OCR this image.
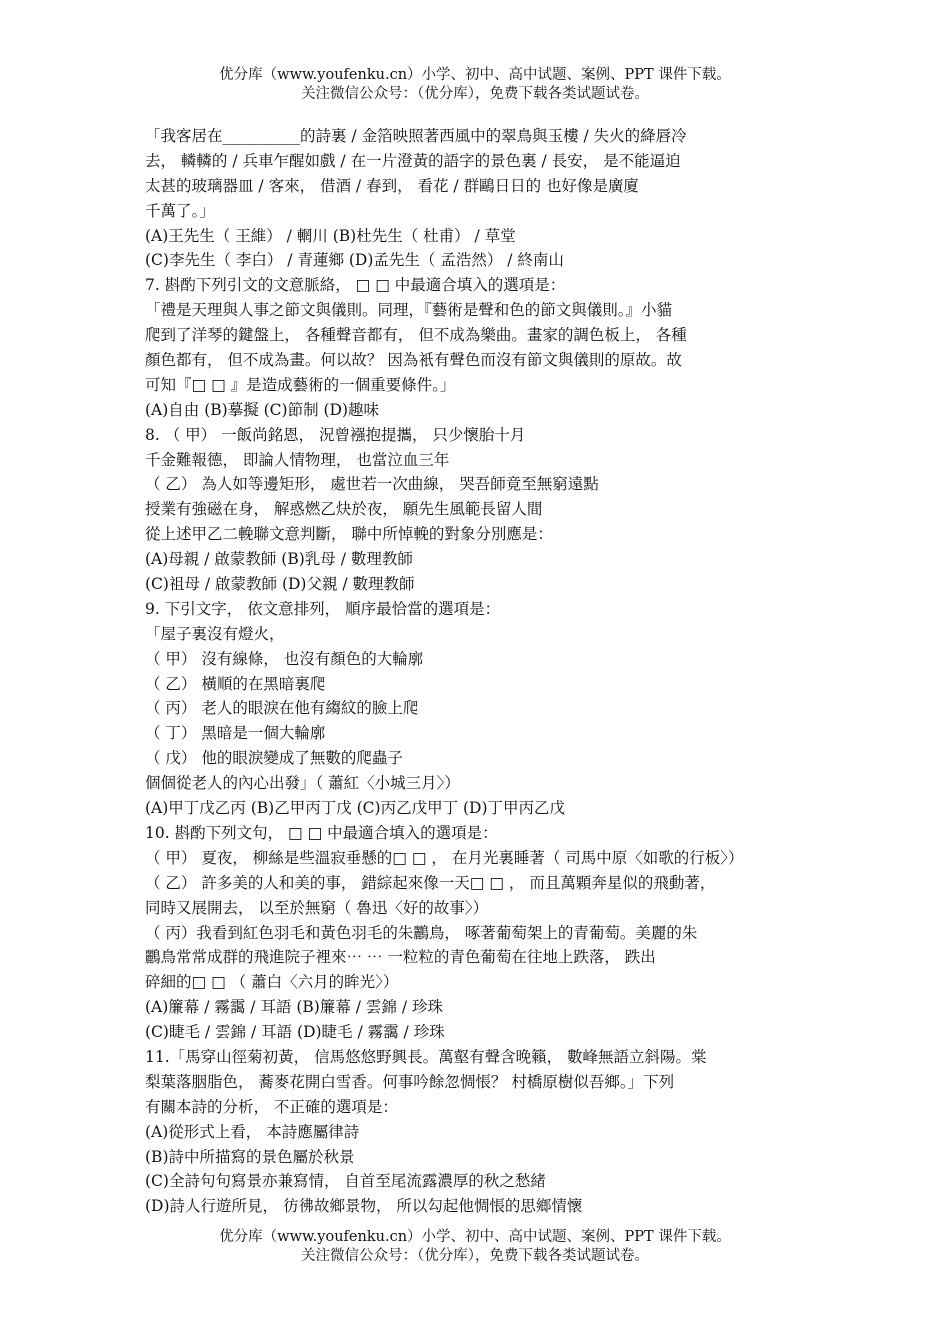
优分库（www.youfenku.cn）小学、初中、高中试题、案例、PPT 课件下载。
关注微信公众号：（优分库），免费下载各类试题试卷。
「我客居在__________的詩裏 / 金箔映照著西風中的翠鳥與玉樓 / 失火的絳唇冷
去， 轔轔的 / 兵車乍醒如戲 / 在一片澄黃的語字的景色裏 / 長安， 是不能逼迫
太甚的玻璃器皿 / 客來， 借酒 / 春到， 看花 / 群鷗日日的 也好像是廣廈
千萬了。」
(A)王先生（ 王維） / 輞川 (B)杜先生（ 杜甫） / 草堂
(C)李先生（ 李白） / 青蓮鄉 (D)孟先生（ 孟浩然） / 終南山
7. 斟酌下列引文的文意脈絡， □ □ 中最適合填入的選項是：
「禮是天理與人事之節文與儀則。同理，『藝術是聲和色的節文與儀則。』小貓
爬到了洋琴的鍵盤上， 各種聲音都有， 但不成為樂曲。畫家的調色板上， 各種
顏色都有， 但不成為畫。何以故？ 因為衹有聲色而沒有節文與儀則的原故。故
可知『□ □ 』是造成藝術的一個重要條件。」
(A)自由 (B)摹擬 (C)節制 (D)趣味
8. （ 甲） 一飯尚銘恩， 況曾襁抱提攜， 只少懷胎十月
千金難報德， 即論人情物理， 也當泣血三年
（ 乙） 為人如等邊矩形， 處世若一次曲線， 哭吾師竟至無窮遠點
授業有強磁在身， 解惑燃乙炔於夜， 願先生風範長留人間
從上述甲乙二輓聯文意判斷， 聯中所悼輓的對象分別應是：
(A)母親 / 啟蒙教師 (B)乳母 / 數理教師
(C)祖母 / 啟蒙教師 (D)父親 / 數理教師
9. 下引文字， 依文意排列， 順序最恰當的選項是：
「屋子裏沒有燈火，
（ 甲） 沒有線條， 也沒有顏色的大輪廓
（ 乙） 橫順的在黑暗裏爬
（ 丙） 老人的眼淚在他有縐紋的臉上爬
（ 丁） 黑暗是一個大輪廓
（ 戊） 他的眼淚變成了無數的爬蟲子
個個從老人的內心出發」（ 蕭紅〈小城三月〉）
(A)甲丁戊乙丙 (B)乙甲丙丁戊 (C)丙乙戊甲丁 (D)丁甲丙乙戊
10. 斟酌下列文句， □ □ 中最適合填入的選項是：
（ 甲） 夏夜， 柳絲是些溫寂垂懸的□ □ ， 在月光裏睡著（ 司馬中原〈如歌的行板〉）
（ 乙） 許多美的人和美的事， 錯綜起來像一天□ □ ， 而且萬顆奔星似的飛動著，
同時又展開去， 以至於無窮（ 魯迅〈好的故事〉）
（ 丙）我看到紅色羽毛和黃色羽毛的朱鸝鳥， 啄著葡萄架上的青葡萄。美麗的朱
鸝鳥常常成群的飛進院子裡來⋯ ⋯ 一粒粒的青色葡萄在往地上跌落， 跌出
碎細的□ □ （ 蕭白〈六月的眸光〉）
(A)簾幕 / 霧靄 / 耳語 (B)簾幕 / 雲錦 / 珍珠
(C)睫毛 / 雲錦 / 耳語 (D)睫毛 / 霧靄 / 珍珠
11.「馬穿山徑菊初黃， 信馬悠悠野興長。萬壑有聲含晚籟， 數峰無語立斜陽。棠
梨葉落胭脂色， 蕎麥花開白雪香。何事吟餘忽惆悵？ 村橋原樹似吾鄉。」下列
有關本詩的分析， 不正確的選項是：
(A)從形式上看， 本詩應屬律詩
(B)詩中所描寫的景色屬於秋景
(C)全詩句句寫景亦兼寫情， 自首至尾流露濃厚的秋之愁緒
(D)詩人行遊所見， 彷彿故鄉景物， 所以勾起他惆悵的思鄉情懷
优分库（www.youfenku.cn）小学、初中、高中试题、案例、PPT 课件下载。
关注微信公众号：（优分库），免费下载各类试题试卷。
